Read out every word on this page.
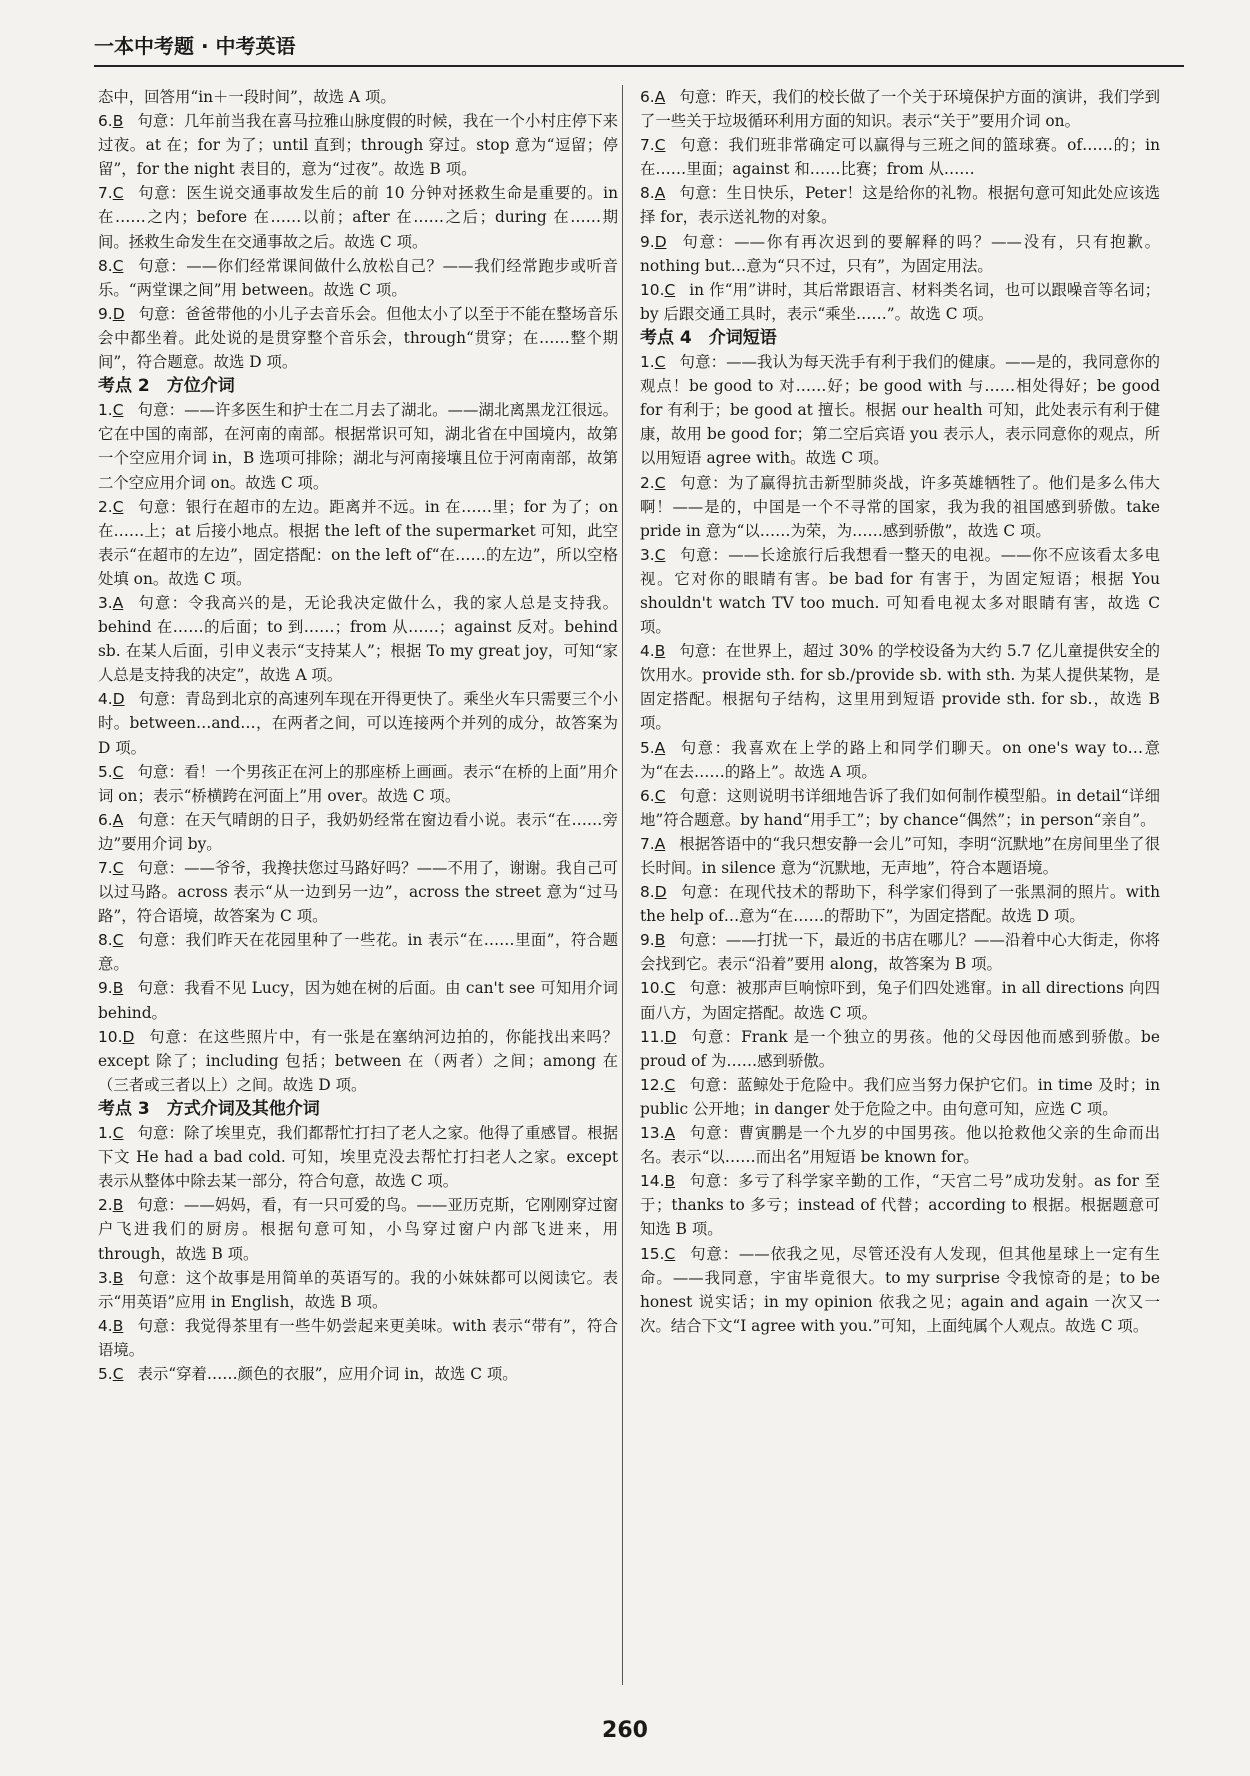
一本中考题 · 中考英语

态中，回答用“in＋一段时间”，故选 A 项。

6.B 句意：几年前当我在喜马拉雅山脉度假的时候，我在一个小村庄停下来过夜。at 在；for 为了；until 直到；through 穿过。stop 意为“逗留；停留”，for the night 表目的，意为“过夜”。故选 B 项。

7.C 句意：医生说交通事故发生后的前 10 分钟对拯救生命是重要的。in 在……之内；before 在……以前；after 在……之后；during 在……期间。拯救生命发生在交通事故之后。故选 C 项。

8.C 句意：——你们经常课间做什么放松自己？——我们经常跑步或听音乐。“两堂课之间”用 between。故选 C 项。

9.D 句意：爸爸带他的小儿子去音乐会。但他太小了以至于不能在整场音乐会中都坐着。此处说的是贯穿整个音乐会，through“贯穿；在……整个期间”，符合题意。故选 D 项。

考点 2　方位介词

1.C 句意：——许多医生和护士在二月去了湖北。——湖北离黑龙江很远。它在中国的南部，在河南的南部。根据常识可知，湖北省在中国境内，故第一个空应用介词 in，B 选项可排除；湖北与河南接壤且位于河南南部，故第二个空应用介词 on。故选 C 项。

2.C 句意：银行在超市的左边。距离并不远。in 在……里；for 为了；on 在……上；at 后接小地点。根据 the left of the supermarket 可知，此空表示“在超市的左边”，固定搭配：on the left of“在……的左边”，所以空格处填 on。故选 C 项。

3.A 句意：令我高兴的是，无论我决定做什么，我的家人总是支持我。behind 在……的后面；to 到……；from 从……；against 反对。behind sb. 在某人后面，引申义表示“支持某人”；根据 To my great joy，可知“家人总是支持我的决定”，故选 A 项。

4.D 句意：青岛到北京的高速列车现在开得更快了。乘坐火车只需要三个小时。between…and…，在两者之间，可以连接两个并列的成分，故答案为 D 项。

5.C 句意：看！一个男孩正在河上的那座桥上画画。表示“在桥的上面”用介词 on；表示“桥横跨在河面上”用 over。故选 C 项。

6.A 句意：在天气晴朗的日子，我奶奶经常在窗边看小说。表示“在……旁边”要用介词 by。

7.C 句意：——爷爷，我搀扶您过马路好吗？——不用了，谢谢。我自己可以过马路。across 表示“从一边到另一边”，across the street 意为“过马路”，符合语境，故答案为 C 项。

8.C 句意：我们昨天在花园里种了一些花。in 表示“在……里面”，符合题意。

9.B 句意：我看不见 Lucy，因为她在树的后面。由 can't see 可知用介词 behind。

10.D 句意：在这些照片中，有一张是在塞纳河边拍的，你能找出来吗？except 除了；including 包括；between 在（两者）之间；among 在（三者或三者以上）之间。故选 D 项。

考点 3　方式介词及其他介词

1.C 句意：除了埃里克，我们都帮忙打扫了老人之家。他得了重感冒。根据下文 He had a bad cold. 可知，埃里克没去帮忙打扫老人之家。except 表示从整体中除去某一部分，符合句意，故选 C 项。

2.B 句意：——妈妈，看，有一只可爱的鸟。——亚历克斯，它刚刚穿过窗户飞进我们的厨房。根据句意可知，小鸟穿过窗户内部飞进来，用 through，故选 B 项。

3.B 句意：这个故事是用简单的英语写的。我的小妹妹都可以阅读它。表示“用英语”应用 in English，故选 B 项。

4.B 句意：我觉得茶里有一些牛奶尝起来更美味。with 表示“带有”，符合语境。

5.C 表示“穿着……颜色的衣服”，应用介词 in，故选 C 项。

6.A 句意：昨天，我们的校长做了一个关于环境保护方面的演讲，我们学到了一些关于垃圾循环利用方面的知识。表示“关于”要用介词 on。

7.C 句意：我们班非常确定可以赢得与三班之间的篮球赛。of……的；in 在……里面；against 和……比赛；from 从……

8.A 句意：生日快乐，Peter！这是给你的礼物。根据句意可知此处应该选择 for，表示送礼物的对象。

9.D 句意：——你有再次迟到的要解释的吗？——没有，只有抱歉。nothing but…意为“只不过，只有”，为固定用法。

10.C in 作“用”讲时，其后常跟语言、材料类名词，也可以跟噪音等名词；by 后跟交通工具时，表示“乘坐……”。故选 C 项。

考点 4　介词短语

1.C 句意：——我认为每天洗手有利于我们的健康。——是的，我同意你的观点！be good to 对……好；be good with 与……相处得好；be good for 有利于；be good at 擅长。根据 our health 可知，此处表示有利于健康，故用 be good for；第二空后宾语 you 表示人，表示同意你的观点，所以用短语 agree with。故选 C 项。

2.C 句意：为了赢得抗击新型肺炎战，许多英雄牺牲了。他们是多么伟大啊！——是的，中国是一个不寻常的国家，我为我的祖国感到骄傲。take pride in 意为“以……为荣，为……感到骄傲”，故选 C 项。

3.C 句意：——长途旅行后我想看一整天的电视。——你不应该看太多电视。它对你的眼睛有害。be bad for 有害于，为固定短语；根据 You shouldn't watch TV too much. 可知看电视太多对眼睛有害，故选 C 项。

4.B 句意：在世界上，超过 30% 的学校设备为大约 5.7 亿儿童提供安全的饮用水。provide sth. for sb./provide sb. with sth. 为某人提供某物，是固定搭配。根据句子结构，这里用到短语 provide sth. for sb.，故选 B 项。

5.A 句意：我喜欢在上学的路上和同学们聊天。on one's way to…意为“在去……的路上”。故选 A 项。

6.C 句意：这则说明书详细地告诉了我们如何制作模型船。in detail“详细地”符合题意。by hand“用手工”；by chance“偶然”；in person“亲自”。

7.A 根据答语中的“我只想安静一会儿”可知，李明“沉默地”在房间里坐了很长时间。in silence 意为“沉默地，无声地”，符合本题语境。

8.D 句意：在现代技术的帮助下，科学家们得到了一张黑洞的照片。with the help of…意为“在……的帮助下”，为固定搭配。故选 D 项。

9.B 句意：——打扰一下，最近的书店在哪儿？——沿着中心大街走，你将会找到它。表示“沿着”要用 along，故答案为 B 项。

10.C 句意：被那声巨响惊吓到，兔子们四处逃窜。in all directions 向四面八方，为固定搭配。故选 C 项。

11.D 句意：Frank 是一个独立的男孩。他的父母因他而感到骄傲。be proud of 为……感到骄傲。

12.C 句意：蓝鲸处于危险中。我们应当努力保护它们。in time 及时；in public 公开地；in danger 处于危险之中。由句意可知，应选 C 项。

13.A 句意：曹寅鹏是一个九岁的中国男孩。他以抢救他父亲的生命而出名。表示“以……而出名”用短语 be known for。

14.B 句意：多亏了科学家辛勤的工作，“天宫二号”成功发射。as for 至于；thanks to 多亏；instead of 代替；according to 根据。根据题意可知选 B 项。

15.C 句意：——依我之见，尽管还没有人发现，但其他星球上一定有生命。——我同意，宇宙毕竟很大。to my surprise 令我惊奇的是；to be honest 说实话；in my opinion 依我之见；again and again 一次又一次。结合下文“I agree with you.”可知，上面纯属个人观点。故选 C 项。

260
